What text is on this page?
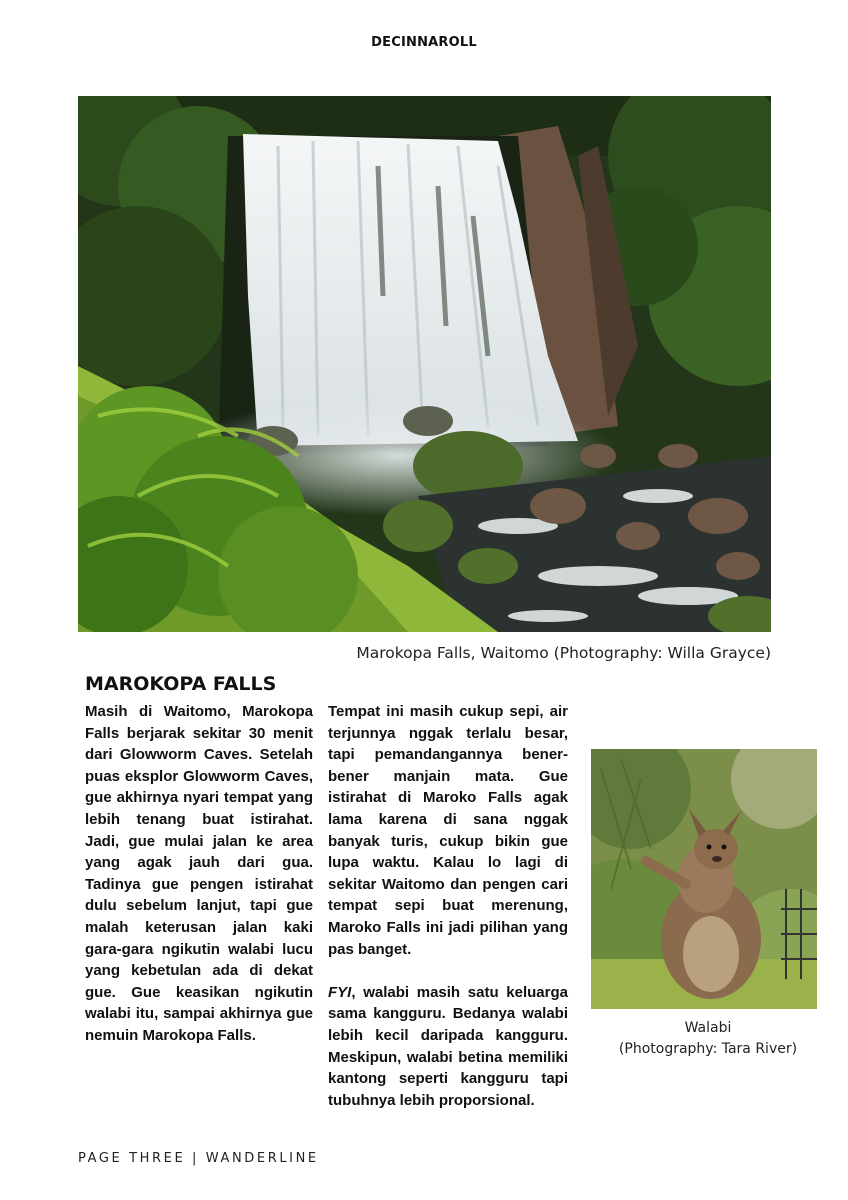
DECINNAROLL
Marokopa Falls, Waitomo (Photography: Willa Grayce)
MAROKOPA FALLS

Masih di Waitomo, Marokopa Falls berjarak sekitar 30 menit dari Glowworm Caves. Setelah puas eksplor Glowworm Caves, gue akhirnya nyari tempat yang lebih tenang buat istirahat. Jadi, gue mulai jalan ke area yang agak jauh dari gua. Tadinya gue pengen istirahat dulu sebelum lanjut, tapi gue malah keterusan jalan kaki gara-gara ngikutin walabi lucu yang kebetulan ada di dekat gue. Gue keasikan ngikutin walabi itu, sampai akhirnya gue nemuin Marokopa Falls.

Tempat ini masih cukup sepi, air terjunnya nggak terlalu besar, tapi pemandangannya bener-bener manjain mata. Gue istirahat di Maroko Falls agak lama karena di sana nggak banyak turis, cukup bikin gue lupa waktu. Kalau lo lagi di sekitar Waitomo dan pengen cari tempat sepi buat merenung, Maroko Falls ini jadi pilihan yang pas banget.

FYI, walabi masih satu keluarga sama kangguru. Bedanya walabi lebih kecil daripada kangguru. Meskipun, walabi betina memiliki kantong seperti kangguru tapi tubuhnya lebih proporsional.

Walabi
(Photography: Tara River)
PAGE THREE | WANDERLINE
